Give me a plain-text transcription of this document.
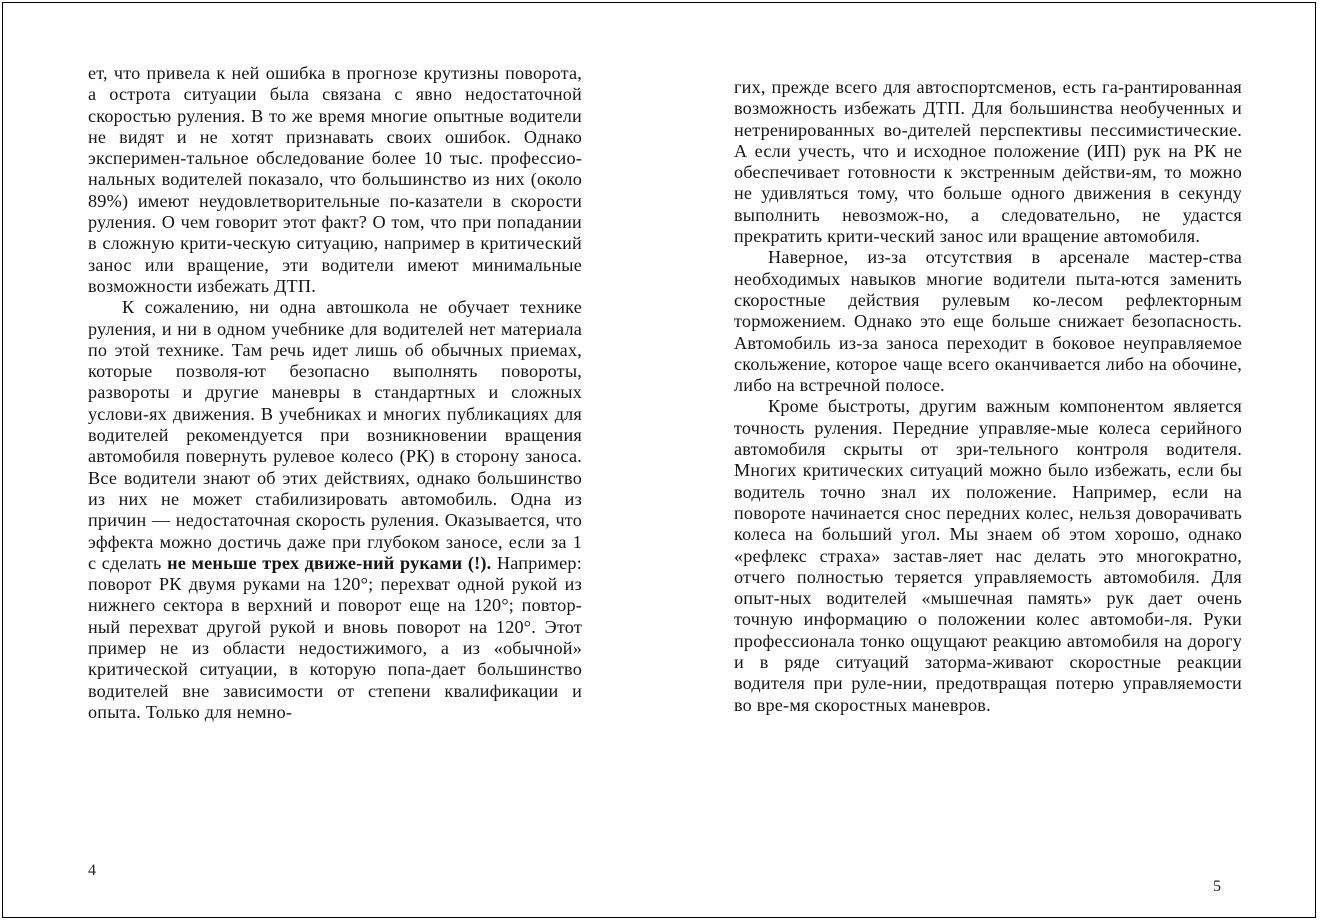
ет, что привела к ней ошибка в прогнозе крутизны поворота, а острота ситуации была связана с явно недостаточной скоростью руления. В то же время многие опытные водители не видят и не хотят признавать своих ошибок. Однако эксперимен-тальное обследование более 10 тыс. профессио-нальных водителей показало, что большинство из них (около 89%) имеют неудовлетворительные по-казатели в скорости руления. О чем говорит этот факт? О том, что при попадании в сложную крити-ческую ситуацию, например в критический занос или вращение, эти водители имеют минимальные возможности избежать ДТП.

К сожалению, ни одна автошкола не обучает технике руления, и ни в одном учебнике для водителей нет материала по этой технике. Там речь идет лишь об обычных приемах, которые позволя-ют безопасно выполнять повороты, развороты и другие маневры в стандартных и сложных услови-ях движения. В учебниках и многих публикациях для водителей рекомендуется при возникновении вращения автомобиля повернуть рулевое колесо (РК) в сторону заноса. Все водители знают об этих действиях, однако большинство из них не может стабилизировать автомобиль. Одна из причин — недостаточная скорость руления. Оказывается, что эффекта можно достичь даже при глубоком заносе, если за 1 с сделать не меньше трех движе-ний руками (!). Например: поворот РК двумя руками на 120°; перехват одной рукой из нижнего сектора в верхний и поворот еще на 120°; повтор-ный перехват другой рукой и вновь поворот на 120°. Этот пример не из области недостижимого, а из «обычной» критической ситуации, в которую попа-дает большинство водителей вне зависимости от степени квалификации и опыта. Только для немно-

4

гих, прежде всего для автоспортсменов, есть га-рантированная возможность избежать ДТП. Для большинства необученных и нетренированных во-дителей перспективы пессимистические. А если учесть, что и исходное положение (ИП) рук на РК не обеспечивает готовности к экстренным действи-ям, то можно не удивляться тому, что больше одного движения в секунду выполнить невозмож-но, а следовательно, не удастся прекратить крити-ческий занос или вращение автомобиля.

Наверное, из-за отсутствия в арсенале мастер-ства необходимых навыков многие водители пыта-ются заменить скоростные действия рулевым ко-лесом рефлекторным торможением. Однако это еще больше снижает безопасность. Автомобиль из-за заноса переходит в боковое неуправляемое скольжение, которое чаще всего оканчивается либо на обочине, либо на встречной полосе.

Кроме быстроты, другим важным компонентом является точность руления. Передние управляе-мые колеса серийного автомобиля скрыты от зри-тельного контроля водителя. Многих критических ситуаций можно было избежать, если бы водитель точно знал их положение. Например, если на повороте начинается снос передних колес, нельзя доворачивать колеса на больший угол. Мы знаем об этом хорошо, однако «рефлекс страха» застав-ляет нас делать это многократно, отчего полностью теряется управляемость автомобиля. Для опыт-ных водителей «мышечная память» рук дает очень точную информацию о положении колес автомоби-ля. Руки профессионала тонко ощущают реакцию автомобиля на дорогу и в ряде ситуаций затормa-живают скоростные реакции водителя при руле-нии, предотвращая потерю управляемости во вре-мя скоростных маневров.

5
